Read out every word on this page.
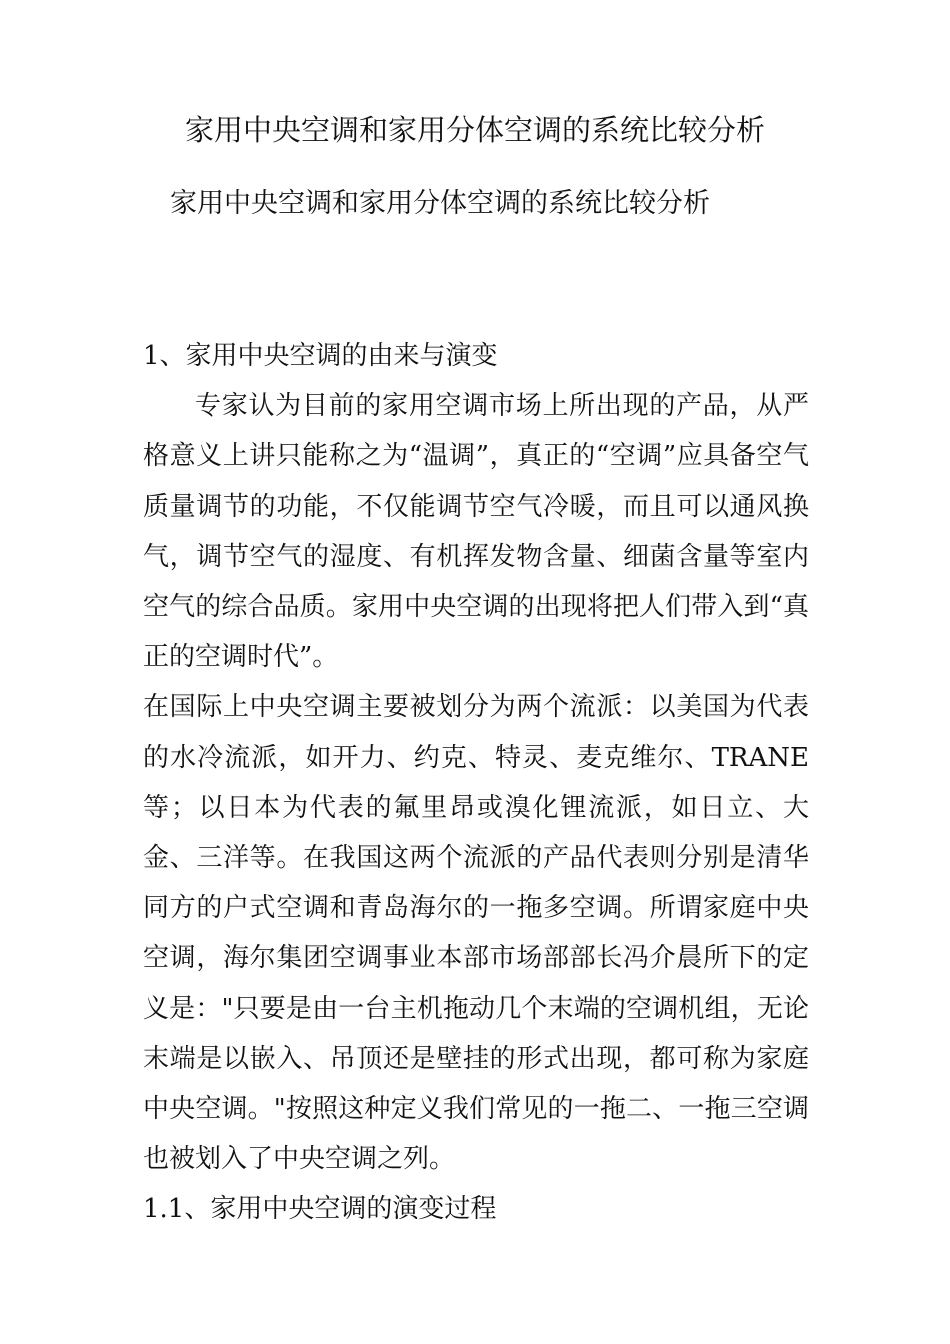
家用中央空调和家用分体空调的系统比较分析
家用中央空调和家用分体空调的系统比较分析

1、家用中央空调的由来与演变

专家认为目前的家用空调市场上所出现的产品，从严格意义上讲只能称之为“温调”，真正的“空调”应具备空气质量调节的功能，不仅能调节空气冷暖，而且可以通风换气，调节空气的湿度、有机挥发物含量、细菌含量等室内空气的综合品质。家用中央空调的出现将把人们带入到“真正的空调时代”。

在国际上中央空调主要被划分为两个流派：以美国为代表的水冷流派，如开力、约克、特灵、麦克维尔、TRANE等；以日本为代表的氟里昂或溴化锂流派，如日立、大金、三洋等。在我国这两个流派的产品代表则分别是清华同方的户式空调和青岛海尔的一拖多空调。所谓家庭中央空调，海尔集团空调事业本部市场部部长冯介晨所下的定义是："只要是由一台主机拖动几个末端的空调机组，无论末端是以嵌入、吊顶还是壁挂的形式出现，都可称为家庭中央空调。"按照这种定义我们常见的一拖二、一拖三空调也被划入了中央空调之列。

1.1、家用中央空调的演变过程
